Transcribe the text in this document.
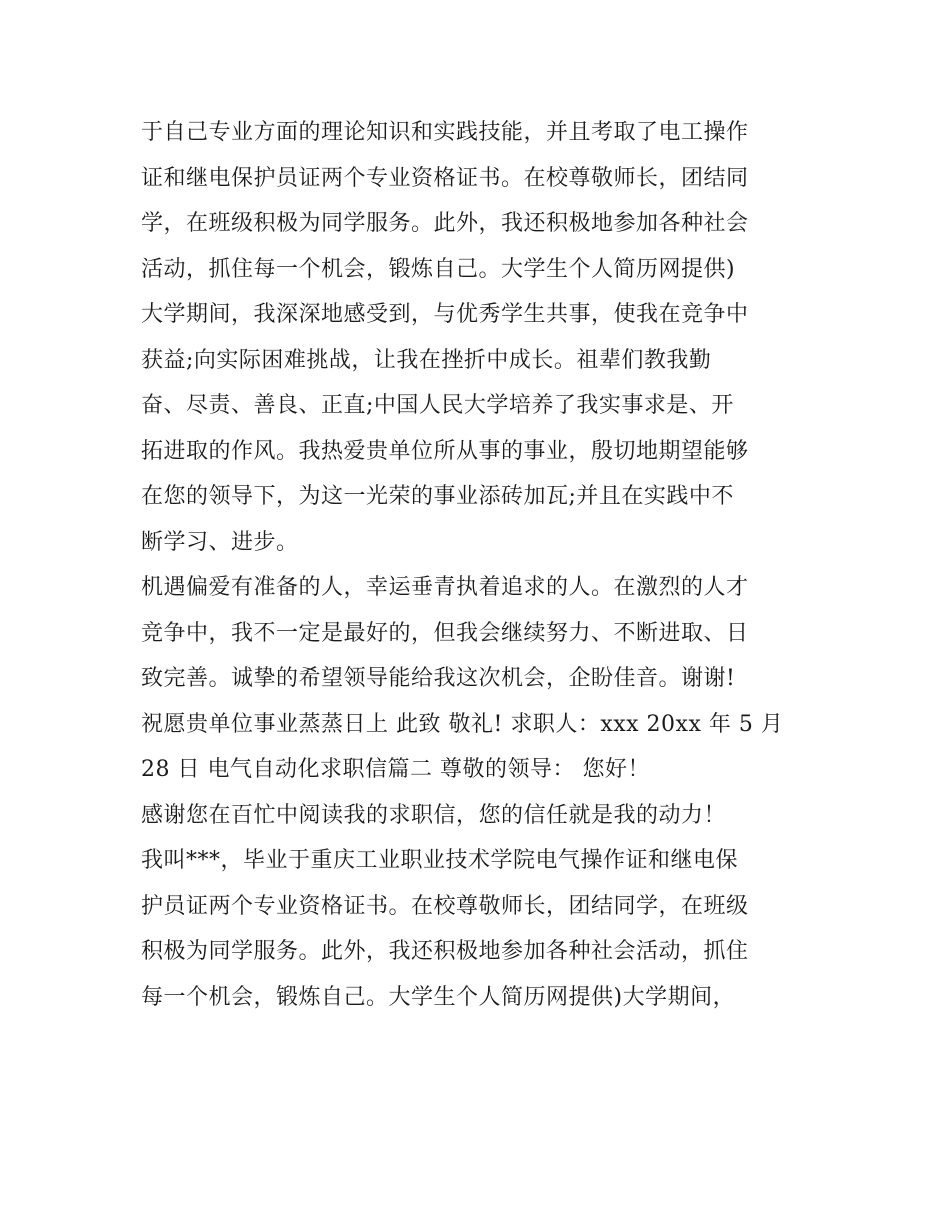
于自己专业方面的理论知识和实践技能，并且考取了电工操作
证和继电保护员证两个专业资格证书。在校尊敬师长，团结同
学，在班级积极为同学服务。此外，我还积极地参加各种社会
活动，抓住每一个机会，锻炼自己。大学生个人简历网提供)
大学期间，我深深地感受到，与优秀学生共事，使我在竞争中
获益;向实际困难挑战，让我在挫折中成长。祖辈们教我勤
奋、尽责、善良、正直;中国人民大学培养了我实事求是、开
拓进取的作风。我热爱贵单位所从事的事业，殷切地期望能够
在您的领导下，为这一光荣的事业添砖加瓦;并且在实践中不
断学习、进步。
机遇偏爱有准备的人，幸运垂青执着追求的人。在激烈的人才
竞争中，我不一定是最好的，但我会继续努力、不断进取、日
致完善。诚挚的希望领导能给我这次机会，企盼佳音。谢谢!
祝愿贵单位事业蒸蒸日上 此致 敬礼! 求职人：xxx 20xx 年 5 月
28 日 电气自动化求职信篇二 尊敬的领导： 您好！
感谢您在百忙中阅读我的求职信，您的信任就是我的动力！
我叫***，毕业于重庆工业职业技术学院电气操作证和继电保
护员证两个专业资格证书。在校尊敬师长，团结同学，在班级
积极为同学服务。此外，我还积极地参加各种社会活动，抓住
每一个机会，锻炼自己。大学生个人简历网提供)大学期间，
